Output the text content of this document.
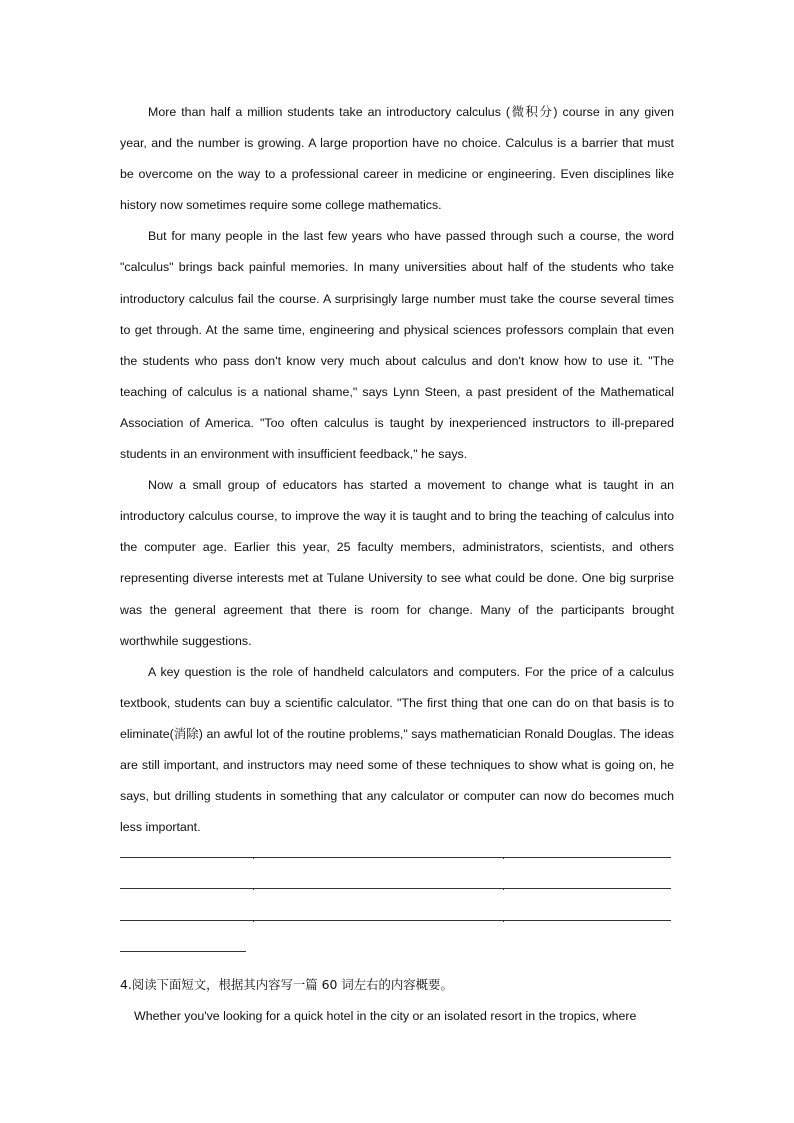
More than half a million students take an introductory calculus (微积分) course in any given year, and the number is growing. A large proportion have no choice. Calculus is a barrier that must be overcome on the way to a professional career in medicine or engineering. Even disciplines like history now sometimes require some college mathematics.

But for many people in the last few years who have passed through such a course, the word "calculus" brings back painful memories. In many universities about half of the students who take introductory calculus fail the course. A surprisingly large number must take the course several times to get through. At the same time, engineering and physical sciences professors complain that even the students who pass don't know very much about calculus and don't know how to use it. "The teaching of calculus is a national shame," says Lynn Steen, a past president of the Mathematical Association of America. "Too often calculus is taught by inexperienced instructors to ill-prepared students in an environment with insufficient feedback," he says.

Now a small group of educators has started a movement to change what is taught in an introductory calculus course, to improve the way it is taught and to bring the teaching of calculus into the computer age. Earlier this year, 25 faculty members, administrators, scientists, and others representing diverse interests met at Tulane University to see what could be done. One big surprise was the general agreement that there is room for change. Many of the participants brought worthwhile suggestions.

A key question is the role of handheld calculators and computers. For the price of a calculus textbook, students can buy a scientific calculator. "The first thing that one can do on that basis is to eliminate(消除) an awful lot of the routine problems," says mathematician Ronald Douglas. The ideas are still important, and instructors may need some of these techniques to show what is going on, he says, but drilling students in something that any calculator or computer can now do becomes much less important.

4.阅读下面短文，根据其内容写一篇 60 词左右的内容概要。
Whether you've looking for a quick hotel in the city or an isolated resort in the tropics, where
